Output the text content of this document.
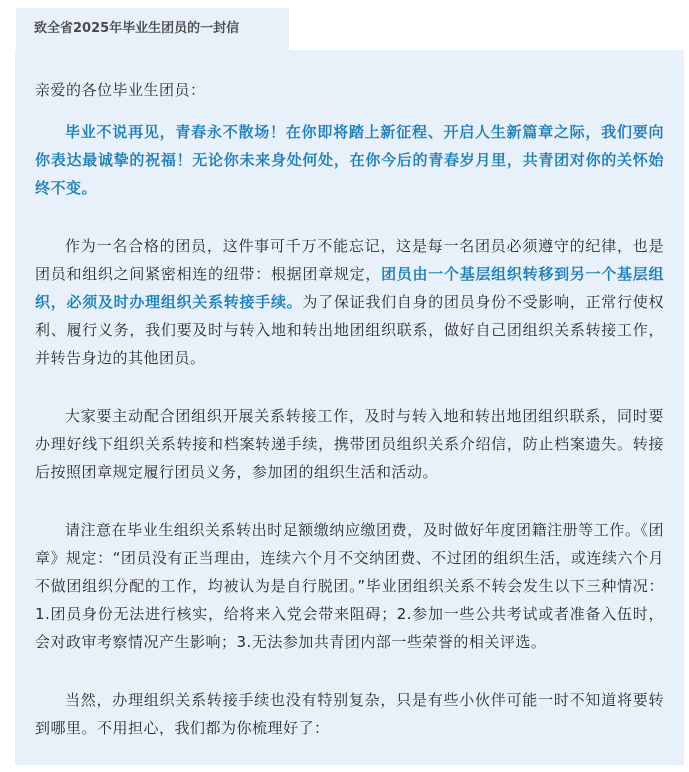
致全省2025年毕业生团员的一封信

亲爱的各位毕业生团员：

毕业不说再见，青春永不散场！在你即将踏上新征程、开启人生新篇章之际，我们要向你表达最诚挚的祝福！无论你未来身处何处，在你今后的青春岁月里，共青团对你的关怀始终不变。

作为一名合格的团员，这件事可千万不能忘记，这是每一名团员必须遵守的纪律，也是团员和组织之间紧密相连的纽带：根据团章规定，团员由一个基层组织转移到另一个基层组织，必须及时办理组织关系转接手续。为了保证我们自身的团员身份不受影响，正常行使权利、履行义务，我们要及时与转入地和转出地团组织联系，做好自己团组织关系转接工作，并转告身边的其他团员。

大家要主动配合团组织开展关系转接工作，及时与转入地和转出地团组织联系，同时要办理好线下组织关系转接和档案转递手续，携带团员组织关系介绍信，防止档案遗失。转接后按照团章规定履行团员义务，参加团的组织生活和活动。

请注意在毕业生组织关系转出时足额缴纳应缴团费，及时做好年度团籍注册等工作。《团章》规定：“团员没有正当理由，连续六个月不交纳团费、不过团的组织生活，或连续六个月不做团组织分配的工作，均被认为是自行脱团。”毕业团组织关系不转会发生以下三种情况：1.团员身份无法进行核实，给将来入党会带来阻碍；2.参加一些公共考试或者准备入伍时，会对政审考察情况产生影响；3.无法参加共青团内部一些荣誉的相关评选。

当然，办理组织关系转接手续也没有特别复杂，只是有些小伙伴可能一时不知道将要转到哪里。不用担心，我们都为你梳理好了：
